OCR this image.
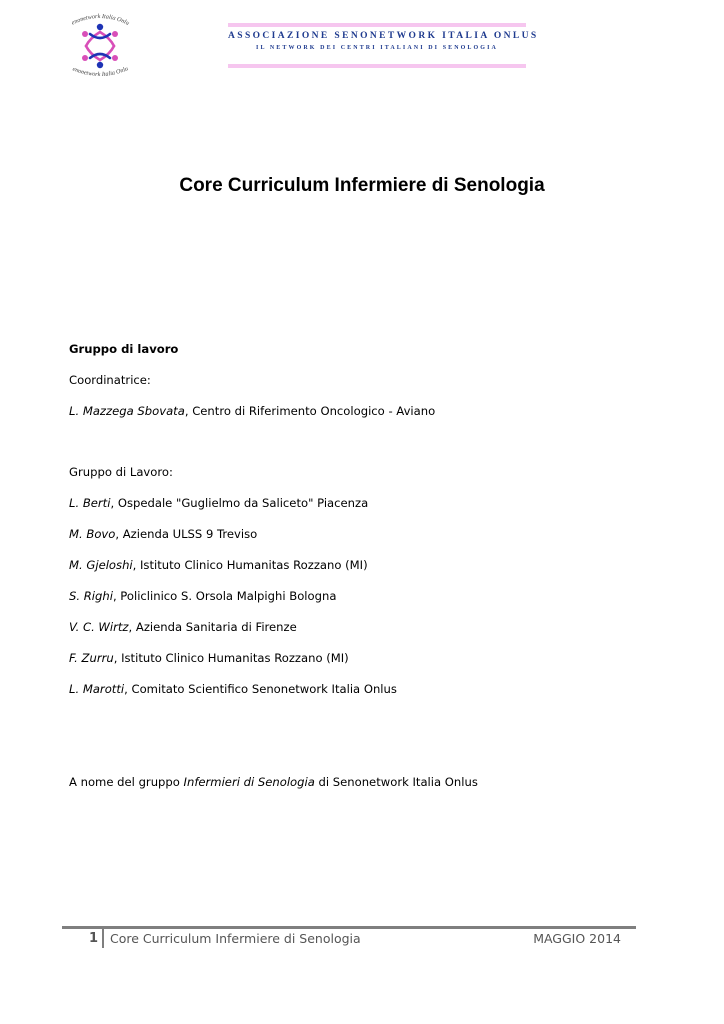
enonetwork Italia Onlu
enonetwork Italia Onlu
ASSOCIAZIONE SENONETWORK ITALIA ONLUS
IL NETWORK DEI CENTRI ITALIANI DI SENOLOGIA
Core Curriculum Infermiere di Senologia
Gruppo di lavoro
Coordinatrice:
L. Mazzega Sbovata, Centro di Riferimento Oncologico - Aviano
Gruppo di Lavoro:
L. Berti, Ospedale "Guglielmo da Saliceto" Piacenza
M. Bovo, Azienda ULSS 9 Treviso
M. Gjeloshi, Istituto Clinico Humanitas Rozzano (MI)
S. Righi, Policlinico S. Orsola Malpighi Bologna
V. C. Wirtz, Azienda Sanitaria di Firenze
F. Zurru, Istituto Clinico Humanitas Rozzano (MI)
L. Marotti, Comitato Scientifico Senonetwork Italia Onlus
A nome del gruppo Infermieri di Senologia di Senonetwork Italia Onlus
1 Core Curriculum Infermiere di Senologia	MAGGIO 2014
